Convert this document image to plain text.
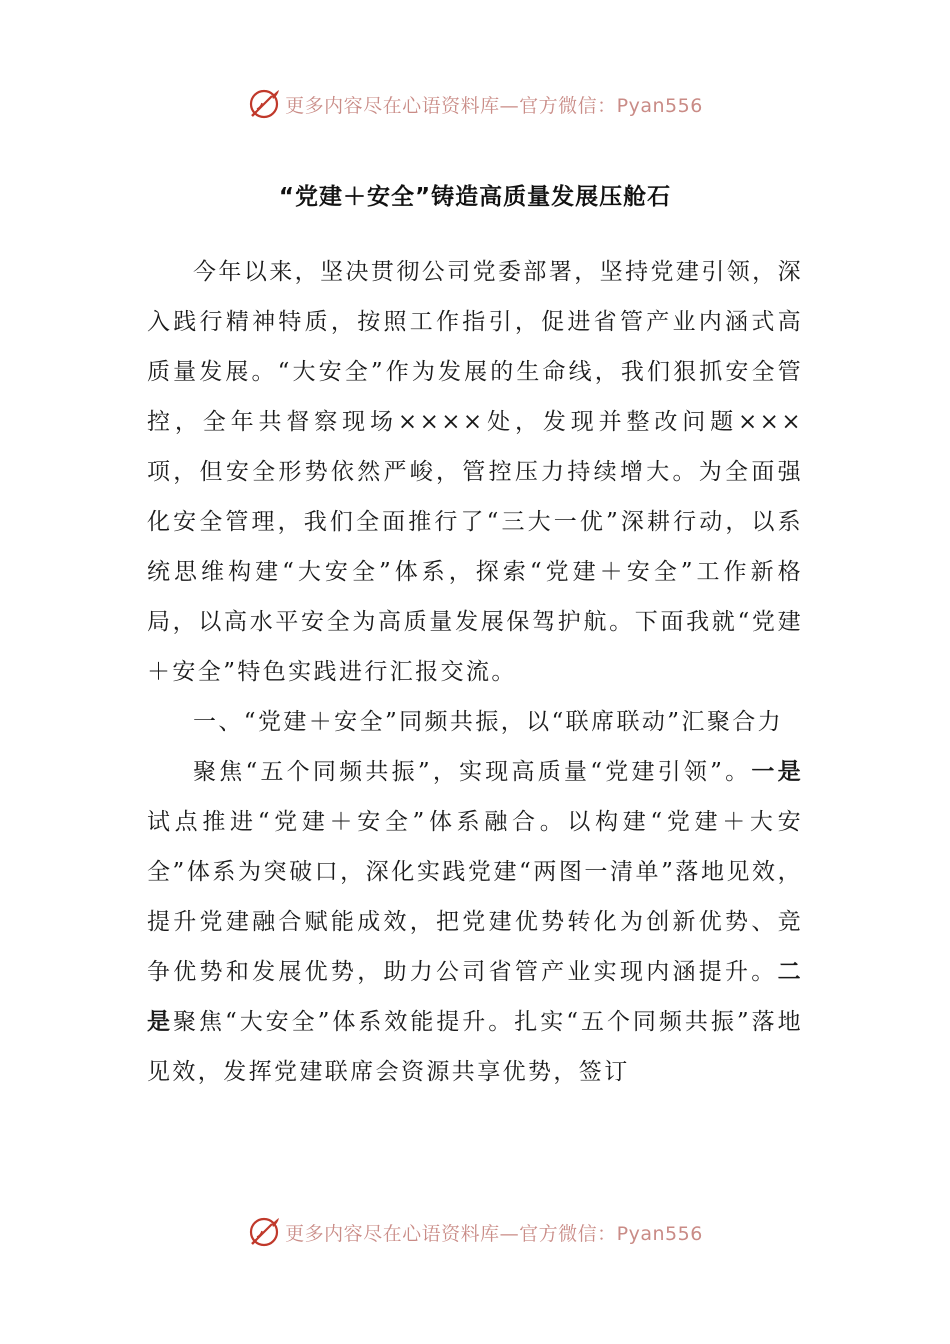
更多内容尽在心语资料库—官方微信：Pyan556
“党建＋安全”铸造高质量发展压舱石

今年以来，坚决贯彻公司党委部署，坚持党建引领，深入践行精神特质，按照工作指引，促进省管产业内涵式高质量发展。“大安全”作为发展的生命线，我们狠抓安全管控，全年共督察现场××××处，发现并整改问题×××项，但安全形势依然严峻，管控压力持续增大。为全面强化安全管理，我们全面推行了“三大一优”深耕行动，以系统思维构建“大安全”体系，探索“党建＋安全”工作新格局，以高水平安全为高质量发展保驾护航。下面我就“党建＋安全”特色实践进行汇报交流。

一、“党建＋安全”同频共振，以“联席联动”汇聚合力

聚焦“五个同频共振”，实现高质量“党建引领”。一是试点推进“党建＋安全”体系融合。以构建“党建＋大安全”体系为突破口，深化实践党建“两图一清单”落地见效，提升党建融合赋能成效，把党建优势转化为创新优势、竞争优势和发展优势，助力公司省管产业实现内涵提升。二是聚焦“大安全”体系效能提升。扎实“五个同频共振”落地见效，发挥党建联席会资源共享优势，签订

更多内容尽在心语资料库—官方微信：Pyan556
